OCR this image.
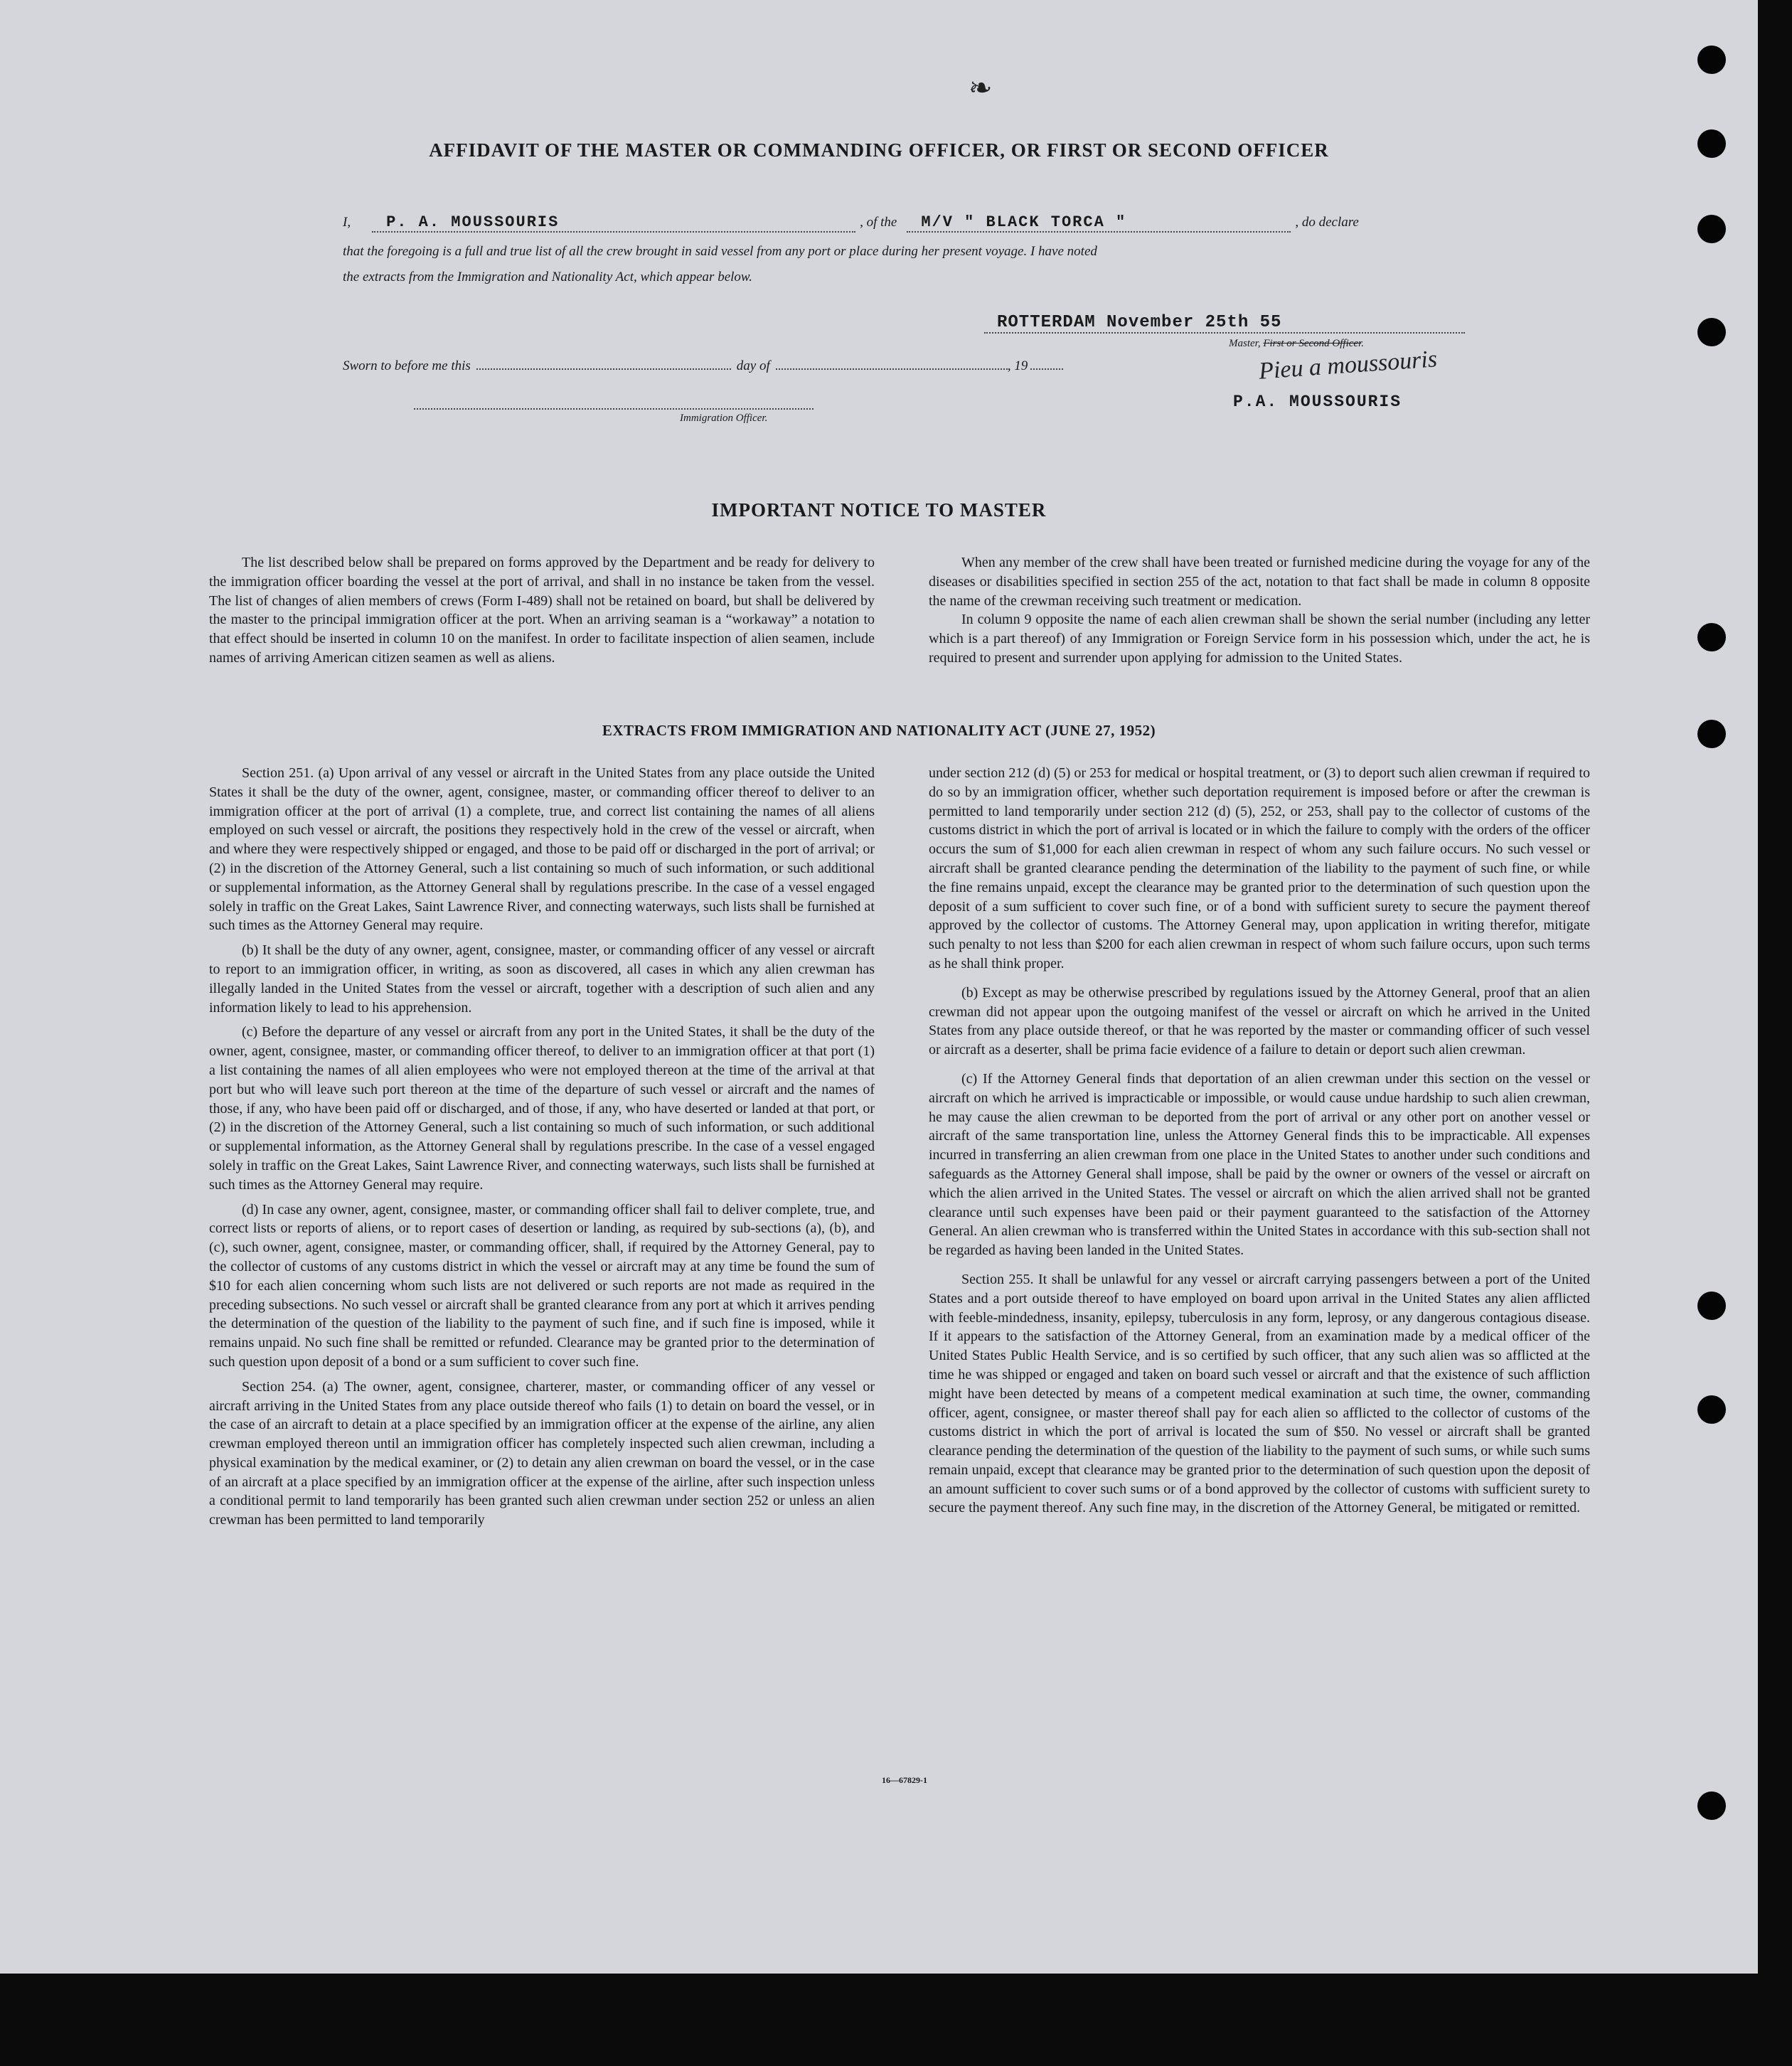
❧
AFFIDAVIT OF THE MASTER OR COMMANDING OFFICER, OR FIRST OR SECOND OFFICER
I,	P. A. MOUSSOURIS	, of the	M/V " BLACK TORCA "	, do declare
that the foregoing is a full and true list of all the crew brought in said vessel from any port or place during her present voyage. I have noted
the extracts from the Immigration and Nationality Act, which appear below.
ROTTERDAM November 25th 55
Master, First or Second Officer.
Sworn to before me this	day of	, 19	Pieu a moussouris
P.A. MOUSSOURIS
Immigration Officer.
IMPORTANT NOTICE TO MASTER

The list described below shall be prepared on forms approved by the Department and be ready for delivery to the immigration officer boarding the vessel at the port of arrival, and shall in no instance be taken from the vessel. The list of changes of alien members of crews (Form I-489) shall not be retained on board, but shall be delivered by the master to the principal immigration officer at the port. When an arriving seaman is a “workaway” a notation to that effect should be inserted in column 10 on the manifest. In order to facilitate inspection of alien seamen, include names of arriving American citizen seamen as well as aliens.

When any member of the crew shall have been treated or furnished medicine during the voyage for any of the diseases or disabilities specified in section 255 of the act, notation to that fact shall be made in column 8 opposite the name of the crewman receiving such treatment or medication.

In column 9 opposite the name of each alien crewman shall be shown the serial number (including any letter which is a part thereof) of any Immigration or Foreign Service form in his possession which, under the act, he is required to present and surrender upon applying for admission to the United States.

EXTRACTS FROM IMMIGRATION AND NATIONALITY ACT (JUNE 27, 1952)

Section 251. (a) Upon arrival of any vessel or aircraft in the United States from any place outside the United States it shall be the duty of the owner, agent, consignee, master, or commanding officer thereof to deliver to an immigration officer at the port of arrival (1) a complete, true, and correct list containing the names of all aliens employed on such vessel or aircraft, the positions they respectively hold in the crew of the vessel or aircraft, when and where they were respectively shipped or engaged, and those to be paid off or discharged in the port of arrival; or (2) in the discretion of the Attorney General, such a list containing so much of such information, or such additional or supplemental information, as the Attorney General shall by regulations prescribe. In the case of a vessel engaged solely in traffic on the Great Lakes, Saint Lawrence River, and connecting waterways, such lists shall be furnished at such times as the Attorney General may require.

(b) It shall be the duty of any owner, agent, consignee, master, or commanding officer of any vessel or aircraft to report to an immigration officer, in writing, as soon as discovered, all cases in which any alien crewman has illegally landed in the United States from the vessel or aircraft, together with a description of such alien and any information likely to lead to his apprehension.

(c) Before the departure of any vessel or aircraft from any port in the United States, it shall be the duty of the owner, agent, consignee, master, or commanding officer thereof, to deliver to an immigration officer at that port (1) a list containing the names of all alien employees who were not employed thereon at the time of the arrival at that port but who will leave such port thereon at the time of the departure of such vessel or aircraft and the names of those, if any, who have been paid off or discharged, and of those, if any, who have deserted or landed at that port, or (2) in the discretion of the Attorney General, such a list containing so much of such information, or such additional or supplemental information, as the Attorney General shall by regulations prescribe. In the case of a vessel engaged solely in traffic on the Great Lakes, Saint Lawrence River, and connecting waterways, such lists shall be furnished at such times as the Attorney General may require.

(d) In case any owner, agent, consignee, master, or commanding officer shall fail to deliver complete, true, and correct lists or reports of aliens, or to report cases of desertion or landing, as required by sub-sections (a), (b), and (c), such owner, agent, consignee, master, or commanding officer, shall, if required by the Attorney General, pay to the collector of customs of any customs district in which the vessel or aircraft may at any time be found the sum of $10 for each alien concerning whom such lists are not delivered or such reports are not made as required in the preceding subsections. No such vessel or aircraft shall be granted clearance from any port at which it arrives pending the determination of the question of the liability to the payment of such fine, and if such fine is imposed, while it remains unpaid. No such fine shall be remitted or refunded. Clearance may be granted prior to the determination of such question upon deposit of a bond or a sum sufficient to cover such fine.

Section 254. (a) The owner, agent, consignee, charterer, master, or commanding officer of any vessel or aircraft arriving in the United States from any place outside thereof who fails (1) to detain on board the vessel, or in the case of an aircraft to detain at a place specified by an immigration officer at the expense of the airline, any alien crewman employed thereon until an immigration officer has completely inspected such alien crewman, including a physical examination by the medical examiner, or (2) to detain any alien crewman on board the vessel, or in the case of an aircraft at a place specified by an immigration officer at the expense of the airline, after such inspection unless a conditional permit to land temporarily has been granted such alien crewman under section 252 or unless an alien crewman has been permitted to land temporarily

under section 212 (d) (5) or 253 for medical or hospital treatment, or (3) to deport such alien crewman if required to do so by an immigration officer, whether such deportation requirement is imposed before or after the crewman is permitted to land temporarily under section 212 (d) (5), 252, or 253, shall pay to the collector of customs of the customs district in which the port of arrival is located or in which the failure to comply with the orders of the officer occurs the sum of $1,000 for each alien crewman in respect of whom any such failure occurs. No such vessel or aircraft shall be granted clearance pending the determination of the liability to the payment of such fine, or while the fine remains unpaid, except the clearance may be granted prior to the determination of such question upon the deposit of a sum sufficient to cover such fine, or of a bond with sufficient surety to secure the payment thereof approved by the collector of customs. The Attorney General may, upon application in writing therefor, mitigate such penalty to not less than $200 for each alien crewman in respect of whom such failure occurs, upon such terms as he shall think proper.

(b) Except as may be otherwise prescribed by regulations issued by the Attorney General, proof that an alien crewman did not appear upon the outgoing manifest of the vessel or aircraft on which he arrived in the United States from any place outside thereof, or that he was reported by the master or commanding officer of such vessel or aircraft as a deserter, shall be prima facie evidence of a failure to detain or deport such alien crewman.

(c) If the Attorney General finds that deportation of an alien crewman under this section on the vessel or aircraft on which he arrived is impracticable or impossible, or would cause undue hardship to such alien crewman, he may cause the alien crewman to be deported from the port of arrival or any other port on another vessel or aircraft of the same transportation line, unless the Attorney General finds this to be impracticable. All expenses incurred in transferring an alien crewman from one place in the United States to another under such conditions and safeguards as the Attorney General shall impose, shall be paid by the owner or owners of the vessel or aircraft on which the alien arrived in the United States. The vessel or aircraft on which the alien arrived shall not be granted clearance until such expenses have been paid or their payment guaranteed to the satisfaction of the Attorney General. An alien crewman who is transferred within the United States in accordance with this sub-section shall not be regarded as having been landed in the United States.

Section 255. It shall be unlawful for any vessel or aircraft carrying passengers between a port of the United States and a port outside thereof to have employed on board upon arrival in the United States any alien afflicted with feeble-mindedness, insanity, epilepsy, tuberculosis in any form, leprosy, or any dangerous contagious disease. If it appears to the satisfaction of the Attorney General, from an examination made by a medical officer of the United States Public Health Service, and is so certified by such officer, that any such alien was so afflicted at the time he was shipped or engaged and taken on board such vessel or aircraft and that the existence of such affliction might have been detected by means of a competent medical examination at such time, the owner, commanding officer, agent, consignee, or master thereof shall pay for each alien so afflicted to the collector of customs of the customs district in which the port of arrival is located the sum of $50. No vessel or aircraft shall be granted clearance pending the determination of the question of the liability to the payment of such sums, or while such sums remain unpaid, except that clearance may be granted prior to the determination of such question upon the deposit of an amount sufficient to cover such sums or of a bond approved by the collector of customs with sufficient surety to secure the payment thereof. Any such fine may, in the discretion of the Attorney General, be mitigated or remitted.

16—67829-1
